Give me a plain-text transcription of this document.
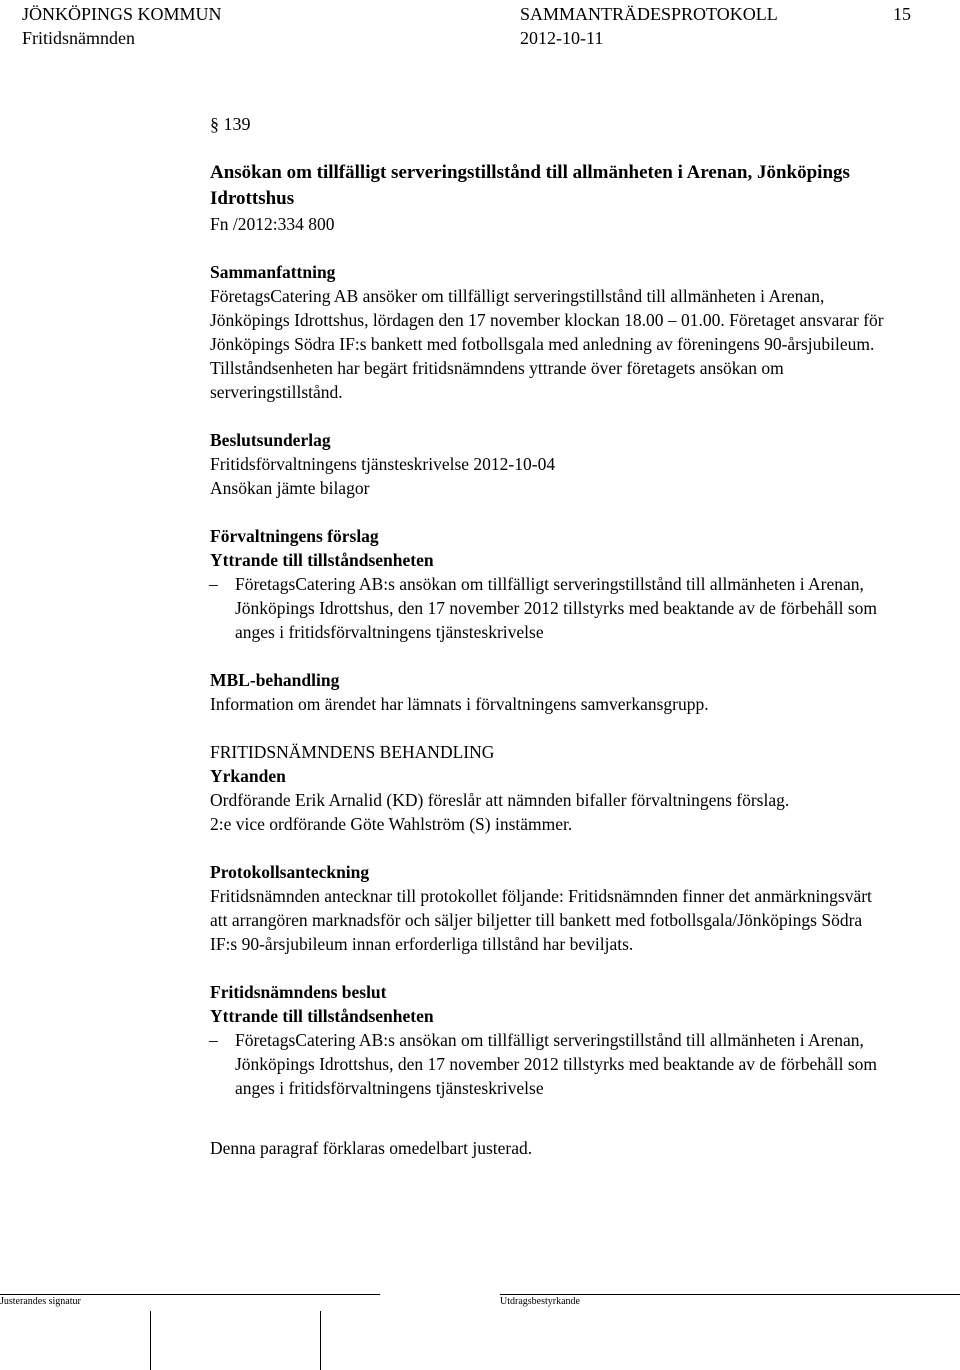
JÖNKÖPINGS KOMMUN
Fritidsnämnden
SAMMANTRÄDESPROTOKOLL
2012-10-11
15

§ 139

Ansökan om tillfälligt serveringstillstånd till allmänheten i Arenan, Jönköpings Idrottshus

Fn /2012:334 800

Sammanfattning

FöretagsCatering AB ansöker om tillfälligt serveringstillstånd till allmänheten i Arenan, Jönköpings Idrottshus, lördagen den 17 november klockan 18.00 – 01.00. Företaget ansvarar för Jönköpings Södra IF:s bankett med fotbollsgala med anledning av föreningens 90-årsjubileum. Tillståndsenheten har begärt fritidsnämndens yttrande över företagets ansökan om serveringstillstånd.

Beslutsunderlag

Fritidsförvaltningens tjänsteskrivelse 2012-10-04

Ansökan jämte bilagor

Förvaltningens förslag

Yttrande till tillståndsenheten

– FöretagsCatering AB:s ansökan om tillfälligt serveringstillstånd till allmänheten i Arenan, Jönköpings Idrottshus, den 17 november 2012 tillstyrks med beaktande av de förbehåll som anges i fritidsförvaltningens tjänsteskrivelse

MBL-behandling

Information om ärendet har lämnats i förvaltningens samverkansgrupp.

FRITIDSNÄMNDENS BEHANDLING

Yrkanden

Ordförande Erik Arnalid (KD) föreslår att nämnden bifaller förvaltningens förslag.

2:e vice ordförande Göte Wahlström (S) instämmer.

Protokollsanteckning

Fritidsnämnden antecknar till protokollet följande: Fritidsnämnden finner det anmärkningsvärt att arrangören marknadsför och säljer biljetter till bankett med fotbollsgala/Jönköpings Södra IF:s 90-årsjubileum innan erforderliga tillstånd har beviljats.

Fritidsnämndens beslut

Yttrande till tillståndsenheten

– FöretagsCatering AB:s ansökan om tillfälligt serveringstillstånd till allmänheten i Arenan, Jönköpings Idrottshus, den 17 november 2012 tillstyrks med beaktande av de förbehåll som anges i fritidsförvaltningens tjänsteskrivelse

Denna paragraf förklaras omedelbart justerad.

Justerandes signatur	Utdragsbestyrkande
